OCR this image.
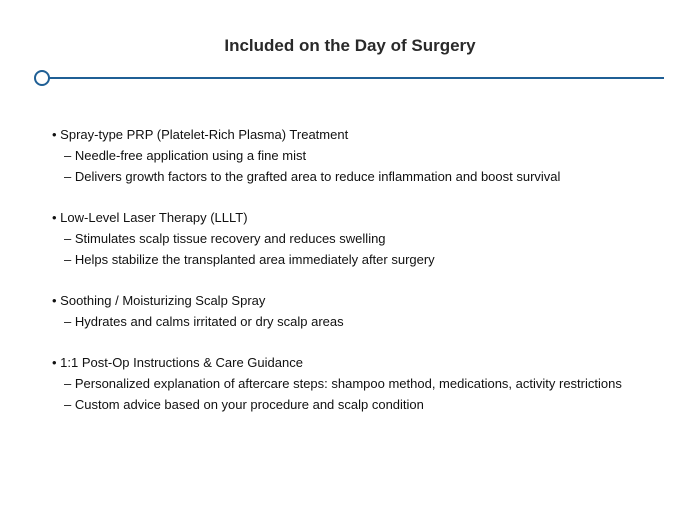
Included on the Day of Surgery
• Spray-type PRP (Platelet-Rich Plasma) Treatment
– Needle-free application using a fine mist
– Delivers growth factors to the grafted area to reduce inflammation and boost survival
• Low-Level Laser Therapy (LLLT)
– Stimulates scalp tissue recovery and reduces swelling
– Helps stabilize the transplanted area immediately after surgery
• Soothing / Moisturizing Scalp Spray
– Hydrates and calms irritated or dry scalp areas
• 1:1 Post-Op Instructions & Care Guidance
– Personalized explanation of aftercare steps: shampoo method, medications, activity restrictions
– Custom advice based on your procedure and scalp condition
